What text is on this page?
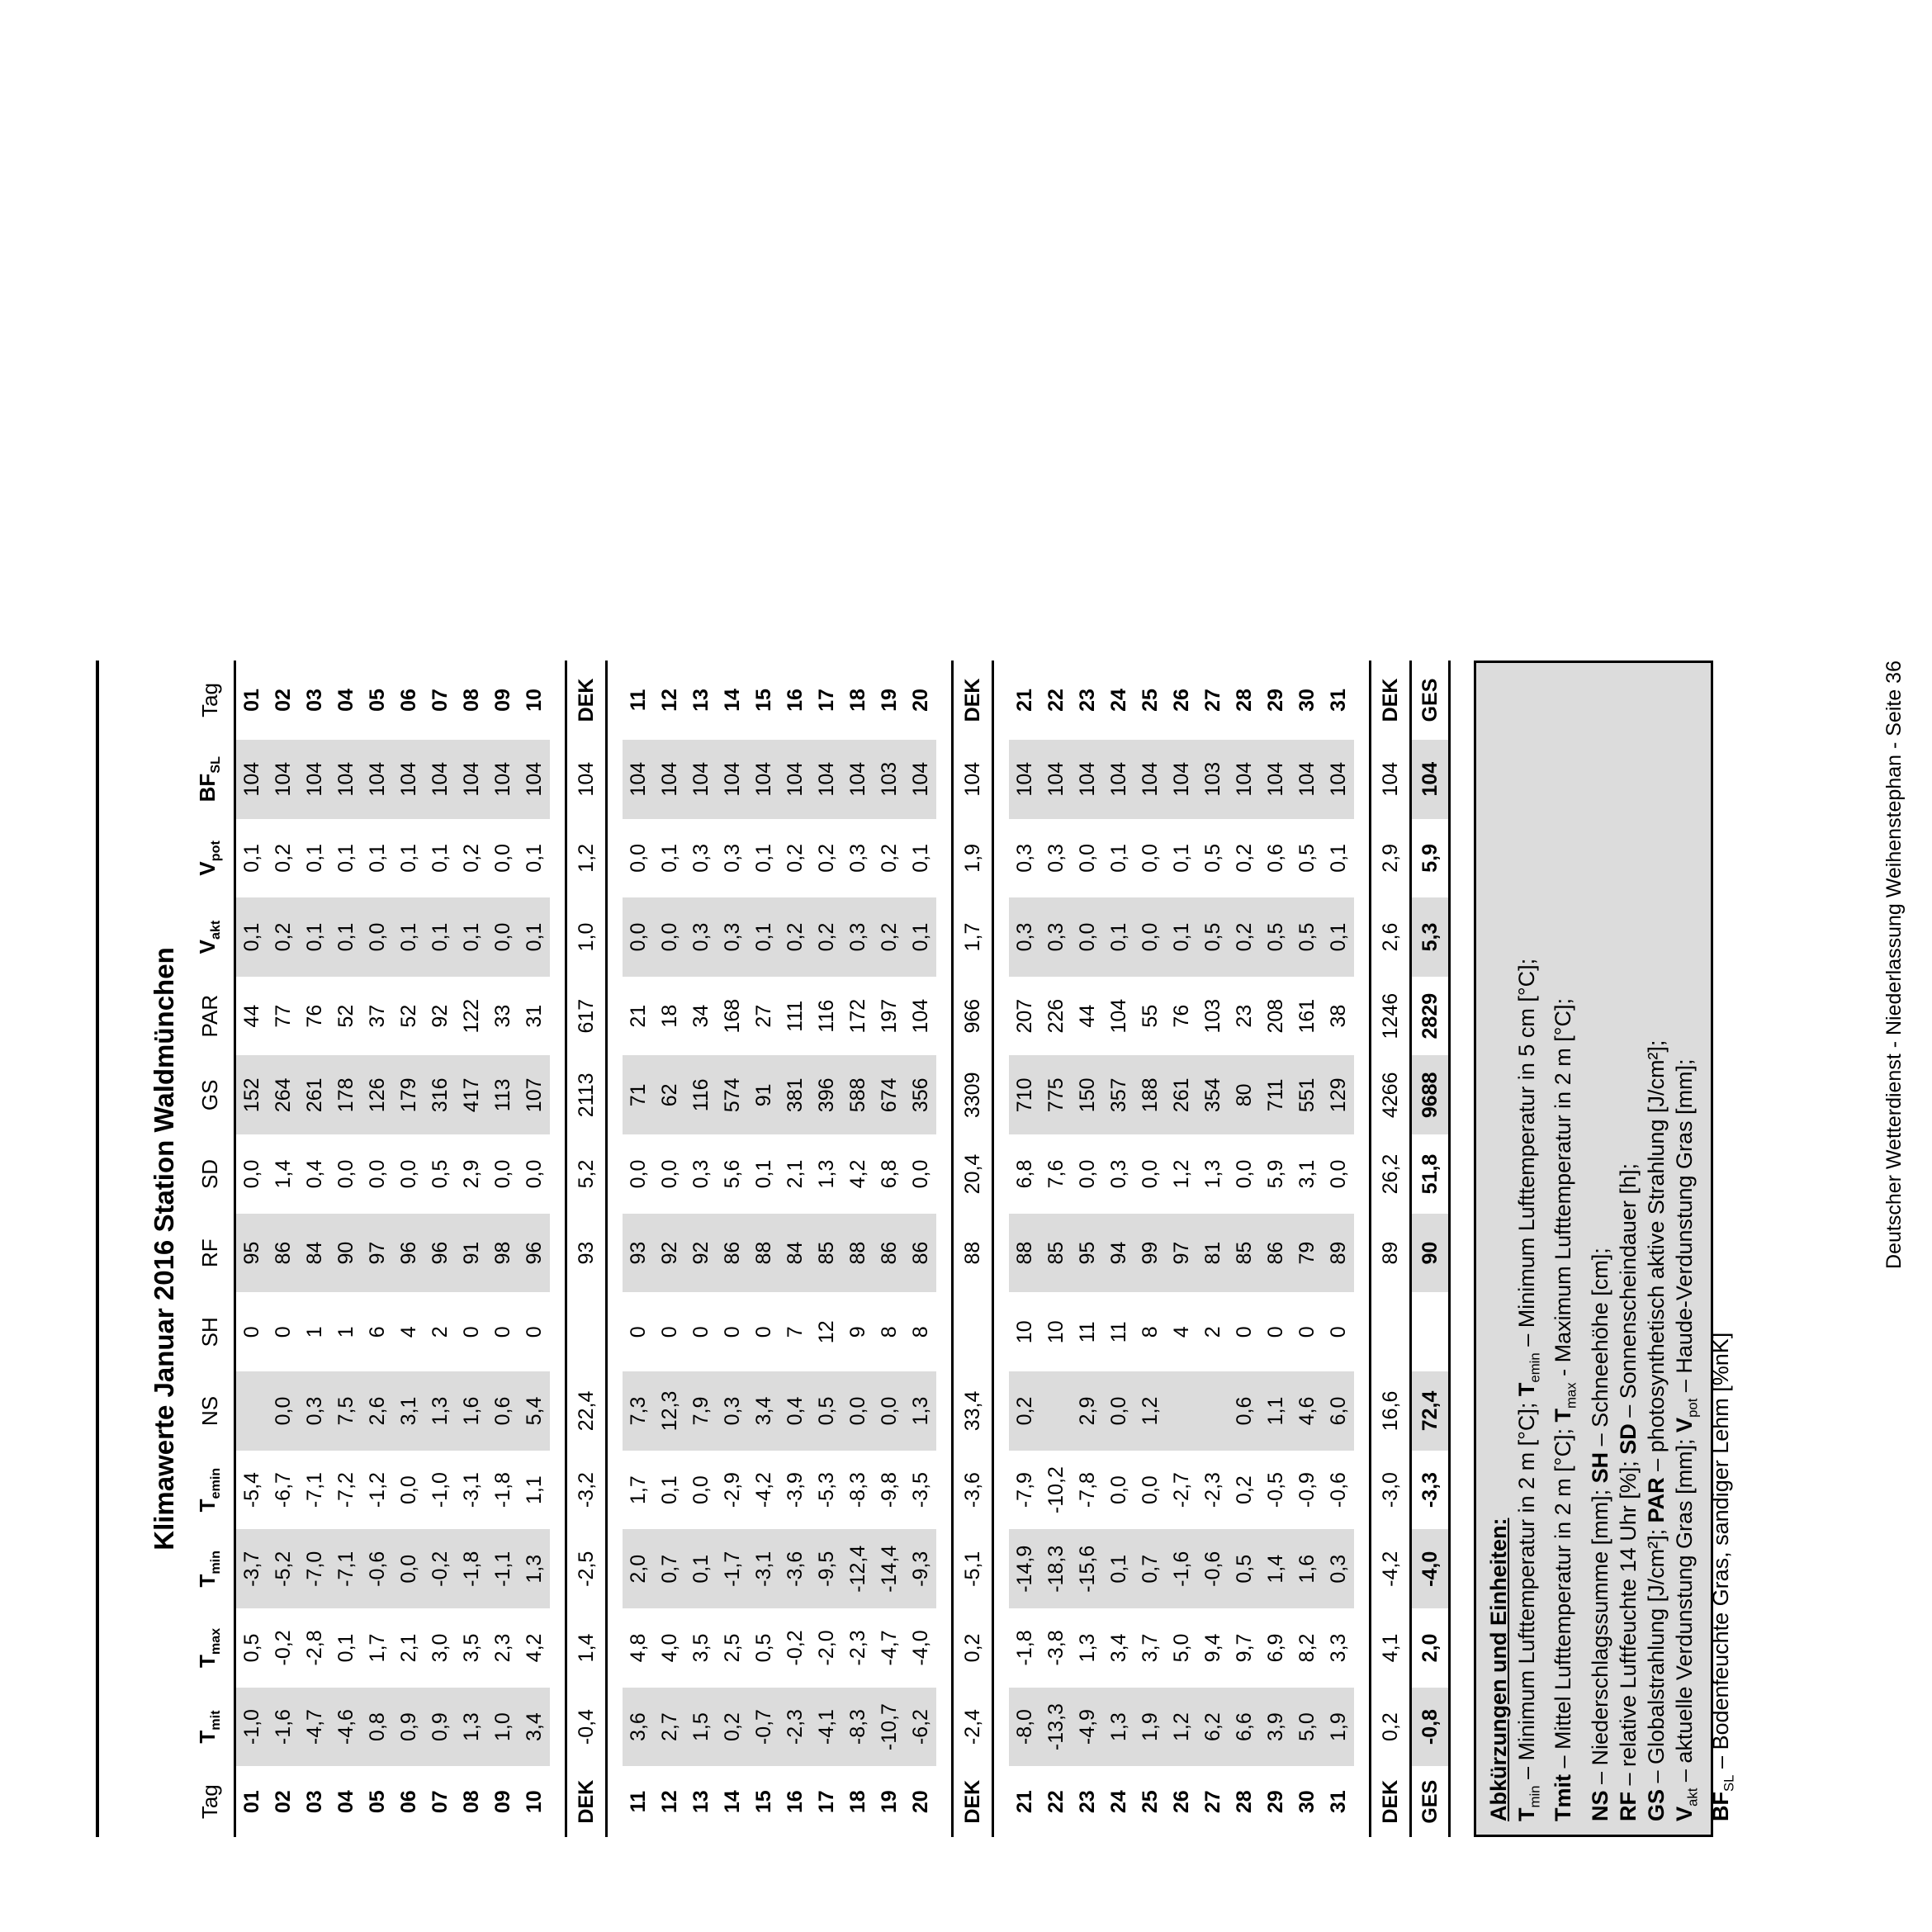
Klimawerte Januar 2016 Station Waldmünchen
Tag	$T_{mit}$	$T_{max}$	$T_{min}$	$T_{emin}$	NS	SH	RF	SD	GS	PAR	$V_{akt}$	$V_{pot}$	$BF_{SL}$	Tag
01	-1,0	0,5	-3,7	-5,4		0	95	0,0	152	44	0,1	0,1	104	01
02	-1,6	-0,2	-5,2	-6,7	0,0	0	86	1,4	264	77	0,2	0,2	104	02
03	-4,7	-2,8	-7,0	-7,1	0,3	1	84	0,4	261	76	0,1	0,1	104	03
04	-4,6	0,1	-7,1	-7,2	7,5	1	90	0,0	178	52	0,1	0,1	104	04
05	0,8	1,7	-0,6	-1,2	2,6	6	97	0,0	126	37	0,0	0,1	104	05
06	0,9	2,1	0,0	0,0	3,1	4	96	0,0	179	52	0,1	0,1	104	06
07	0,9	3,0	-0,2	-1,0	1,3	2	96	0,5	316	92	0,1	0,1	104	07
08	1,3	3,5	-1,8	-3,1	1,6	0	91	2,9	417	122	0,1	0,2	104	08
09	1,0	2,3	-1,1	-1,8	0,6	0	98	0,0	113	33	0,0	0,0	104	09
10	3,4	4,2	1,3	1,1	5,4	0	96	0,0	107	31	0,1	0,1	104	10

DEK	-0,4	1,4	-2,5	-3,2	22,4		93	5,2	2113	617	1,0	1,2	104	DEK

11	3,6	4,8	2,0	1,7	7,3	0	93	0,0	71	21	0,0	0,0	104	11
12	2,7	4,0	0,7	0,1	12,3	0	92	0,0	62	18	0,0	0,1	104	12
13	1,5	3,5	0,1	0,0	7,9	0	92	0,3	116	34	0,3	0,3	104	13
14	0,2	2,5	-1,7	-2,9	0,3	0	86	5,6	574	168	0,3	0,3	104	14
15	-0,7	0,5	-3,1	-4,2	3,4	0	88	0,1	91	27	0,1	0,1	104	15
16	-2,3	-0,2	-3,6	-3,9	0,4	7	84	2,1	381	111	0,2	0,2	104	16
17	-4,1	-2,0	-9,5	-5,3	0,5	12	85	1,3	396	116	0,2	0,2	104	17
18	-8,3	-2,3	-12,4	-8,3	0,0	9	88	4,2	588	172	0,3	0,3	104	18
19	-10,7	-4,7	-14,4	-9,8	0,0	8	86	6,8	674	197	0,2	0,2	103	19
20	-6,2	-4,0	-9,3	-3,5	1,3	8	86	0,0	356	104	0,1	0,1	104	20

DEK	-2,4	0,2	-5,1	-3,6	33,4		88	20,4	3309	966	1,7	1,9	104	DEK

21	-8,0	-1,8	-14,9	-7,9	0,2	10	88	6,8	710	207	0,3	0,3	104	21
22	-13,3	-3,8	-18,3	-10,2		10	85	7,6	775	226	0,3	0,3	104	22
23	-4,9	1,3	-15,6	-7,8	2,9	11	95	0,0	150	44	0,0	0,0	104	23
24	1,3	3,4	0,1	0,0	0,0	11	94	0,3	357	104	0,1	0,1	104	24
25	1,9	3,7	0,7	0,0	1,2	8	99	0,0	188	55	0,0	0,0	104	25
26	1,2	5,0	-1,6	-2,7		4	97	1,2	261	76	0,1	0,1	104	26
27	6,2	9,4	-0,6	-2,3		2	81	1,3	354	103	0,5	0,5	103	27
28	6,6	9,7	0,5	0,2	0,6	0	85	0,0	80	23	0,2	0,2	104	28
29	3,9	6,9	1,4	-0,5	1,1	0	86	5,9	711	208	0,5	0,6	104	29
30	5,0	8,2	1,6	-0,9	4,6	0	79	3,1	551	161	0,5	0,5	104	30
31	1,9	3,3	0,3	-0,6	6,0	0	89	0,0	129	38	0,1	0,1	104	31

DEK	0,2	4,1	-4,2	-3,0	16,6		89	26,2	4266	1246	2,6	2,9	104	DEK
GES	-0,8	2,0	-4,0	-3,3	72,4		90	51,8	9688	2829	5,3	5,9	104	GES
Abkürzungen und Einheiten: $T_{min}$ – Minimum Lufttemperatur in 2 m [°C]; $T_{emin}$ – Minimum Lufttemperatur in 5 cm [°C];
Tmit – Mittel Lufttemperatur in 2 m [°C]; $T_{max}$ - Maximum Lufttemperatur in 2 m [°C];
NS – Niederschlagssumme [mm]; SH – Schneehöhe [cm];
RF – relative Luftfeuchte 14 Uhr [%]; SD – Sonnenscheindauer [h];
GS – Globalstrahlung [J/cm²]; PAR – photosynthetisch aktive Strahlung [J/cm²];
$V_{akt}$ – aktuelle Verdunstung Gras [mm]; $V_{pot}$ – Haude-Verdunstung Gras [mm];
$BF_{SL}$ – Bodenfeuchte Gras, sandiger Lehm [%nK]
Deutscher Wetterdienst - Niederlassung Weihenstephan - Seite 36
